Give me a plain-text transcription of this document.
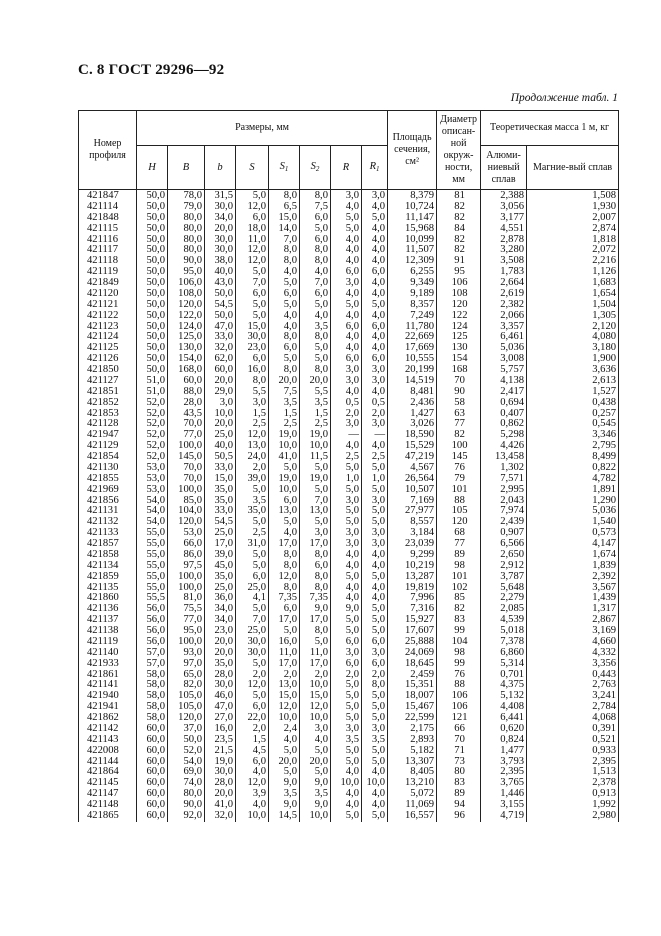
С. 8 ГОСТ 29296—92
Продолжение табл. 1
Номер профиля	Размеры, мм								Площадь сечения, см²	Диаметр описан-ной окруж-ности, мм	Теоретическая масса 1 м, кг	
	H	B	b	S	$S_1$	$S_2$	R	$R_1$			Алюми-ниевый сплав	Магние-вый сплав
421847	50,0	78,0	31,5	5,0	8,0	8,0	3,0	3,0	8,379	81	2,388	1,508
421114	50,0	79,0	30,0	12,0	6,5	7,5	4,0	4,0	10,724	82	3,056	1,930
421848	50,0	80,0	34,0	6,0	15,0	6,0	5,0	5,0	11,147	82	3,177	2,007
421115	50,0	80,0	20,0	18,0	14,0	5,0	5,0	4,0	15,968	84	4,551	2,874
421116	50,0	80,0	30,0	11,0	7,0	6,0	4,0	4,0	10,099	82	2,878	1,818
421117	50,0	80,0	30,0	12,0	8,0	8,0	4,0	4,0	11,507	82	3,280	2,072
421118	50,0	90,0	38,0	12,0	8,0	8,0	4,0	4,0	12,309	91	3,508	2,216
421119	50,0	95,0	40,0	5,0	4,0	4,0	6,0	6,0	6,255	95	1,783	1,126
421849	50,0	106,0	43,0	7,0	5,0	7,0	3,0	4,0	9,349	106	2,664	1,683
421120	50,0	108,0	50,0	6,0	6,0	6,0	4,0	4,0	9,189	108	2,619	1,654
421121	50,0	120,0	54,5	5,0	5,0	5,0	5,0	5,0	8,357	120	2,382	1,504
421122	50,0	122,0	50,0	5,0	4,0	4,0	4,0	4,0	7,249	122	2,066	1,305
421123	50,0	124,0	47,0	15,0	4,0	3,5	6,0	6,0	11,780	124	3,357	2,120
421124	50,0	125,0	33,0	30,0	8,0	8,0	4,0	4,0	22,669	125	6,461	4,080
421125	50,0	130,0	32,0	23,0	6,0	5,0	4,0	4,0	17,669	130	5,036	3,180
421126	50,0	154,0	62,0	6,0	5,0	5,0	6,0	6,0	10,555	154	3,008	1,900
421850	50,0	168,0	60,0	16,0	8,0	8,0	3,0	3,0	20,199	168	5,757	3,636
421127	51,0	60,0	20,0	8,0	20,0	20,0	3,0	3,0	14,519	70	4,138	2,613
421851	51,0	88,0	29,0	5,5	7,5	5,5	4,0	4,0	8,481	90	2,417	1,527
421852	52,0	28,0	3,0	3,0	3,5	3,5	0,5	0,5	2,436	58	0,694	0,438
421853	52,0	43,5	10,0	1,5	1,5	1,5	2,0	2,0	1,427	63	0,407	0,257
421128	52,0	70,0	20,0	2,5	2,5	2,5	3,0	3,0	3,026	77	0,862	0,545
421947	52,0	77,0	25,0	12,0	19,0	19,0	—	—	18,590	82	5,298	3,346
421129	52,0	100,0	40,0	13,0	10,0	10,0	4,0	4,0	15,529	100	4,426	2,795
421854	52,0	145,0	50,5	24,0	41,0	11,5	2,5	2,5	47,219	145	13,458	8,499
421130	53,0	70,0	33,0	2,0	5,0	5,0	5,0	5,0	4,567	76	1,302	0,822
421855	53,0	70,0	15,0	39,0	19,0	19,0	1,0	1,0	26,564	79	7,571	4,782
421969	53,0	100,0	35,0	5,0	10,0	5,0	5,0	5,0	10,507	101	2,995	1,891
421856	54,0	85,0	35,0	3,5	6,0	7,0	3,0	3,0	7,169	88	2,043	1,290
421131	54,0	104,0	33,0	35,0	13,0	13,0	5,0	5,0	27,977	105	7,974	5,036
421132	54,0	120,0	54,5	5,0	5,0	5,0	5,0	5,0	8,557	120	2,439	1,540
421133	55,0	53,0	25,0	2,5	4,0	3,0	3,0	3,0	3,184	68	0,907	0,573
421857	55,0	66,0	17,0	31,0	17,0	17,0	3,0	3,0	23,039	77	6,566	4,147
421858	55,0	86,0	39,0	5,0	8,0	8,0	4,0	4,0	9,299	89	2,650	1,674
421134	55,0	97,5	45,0	5,0	8,0	6,0	4,0	4,0	10,219	98	2,912	1,839
421859	55,0	100,0	35,0	6,0	12,0	8,0	5,0	5,0	13,287	101	3,787	2,392
421135	55,0	100,0	25,0	25,0	8,0	8,0	4,0	4,0	19,819	102	5,648	3,567
421860	55,5	81,0	36,0	4,1	7,35	7,35	4,0	4,0	7,996	85	2,279	1,439
421136	56,0	75,5	34,0	5,0	6,0	9,0	9,0	5,0	7,316	82	2,085	1,317
421137	56,0	77,0	34,0	7,0	17,0	17,0	5,0	5,0	15,927	83	4,539	2,867
421138	56,0	95,0	23,0	25,0	5,0	8,0	5,0	5,0	17,607	99	5,018	3,169
421119	56,0	100,0	20,0	30,0	16,0	5,0	6,0	6,0	25,888	104	7,378	4,660
421140	57,0	93,0	20,0	30,0	11,0	11,0	3,0	3,0	24,069	98	6,860	4,332
421933	57,0	97,0	35,0	5,0	17,0	17,0	6,0	6,0	18,645	99	5,314	3,356
421861	58,0	65,0	28,0	2,0	2,0	2,0	2,0	2,0	2,459	76	0,701	0,443
421141	58,0	82,0	30,0	12,0	13,0	10,0	5,0	8,0	15,351	88	4,375	2,763
421940	58,0	105,0	46,0	5,0	15,0	15,0	5,0	5,0	18,007	106	5,132	3,241
421941	58,0	105,0	47,0	6,0	12,0	12,0	5,0	5,0	15,467	106	4,408	2,784
421862	58,0	120,0	27,0	22,0	10,0	10,0	5,0	5,0	22,599	121	6,441	4,068
421142	60,0	37,0	16,0	2,0	2,4	3,0	3,0	3,0	2,175	66	0,620	0,391
421143	60,0	50,0	23,5	1,5	4,0	4,0	3,5	3,5	2,893	70	0,824	0,521
422008	60,0	52,0	21,5	4,5	5,0	5,0	5,0	5,0	5,182	71	1,477	0,933
421144	60,0	54,0	19,0	6,0	20,0	20,0	5,0	5,0	13,307	73	3,793	2,395
421864	60,0	69,0	30,0	4,0	5,0	5,0	4,0	4,0	8,405	80	2,395	1,513
421145	60,0	74,0	28,0	12,0	9,0	9,0	10,0	10,0	13,210	83	3,765	2,378
421147	60,0	80,0	20,0	3,9	3,5	3,5	4,0	4,0	5,072	89	1,446	0,913
421148	60,0	90,0	41,0	4,0	9,0	9,0	4,0	4,0	11,069	94	3,155	1,992
421865	60,0	92,0	32,0	10,0	14,5	10,0	5,0	5,0	16,557	96	4,719	2,980
